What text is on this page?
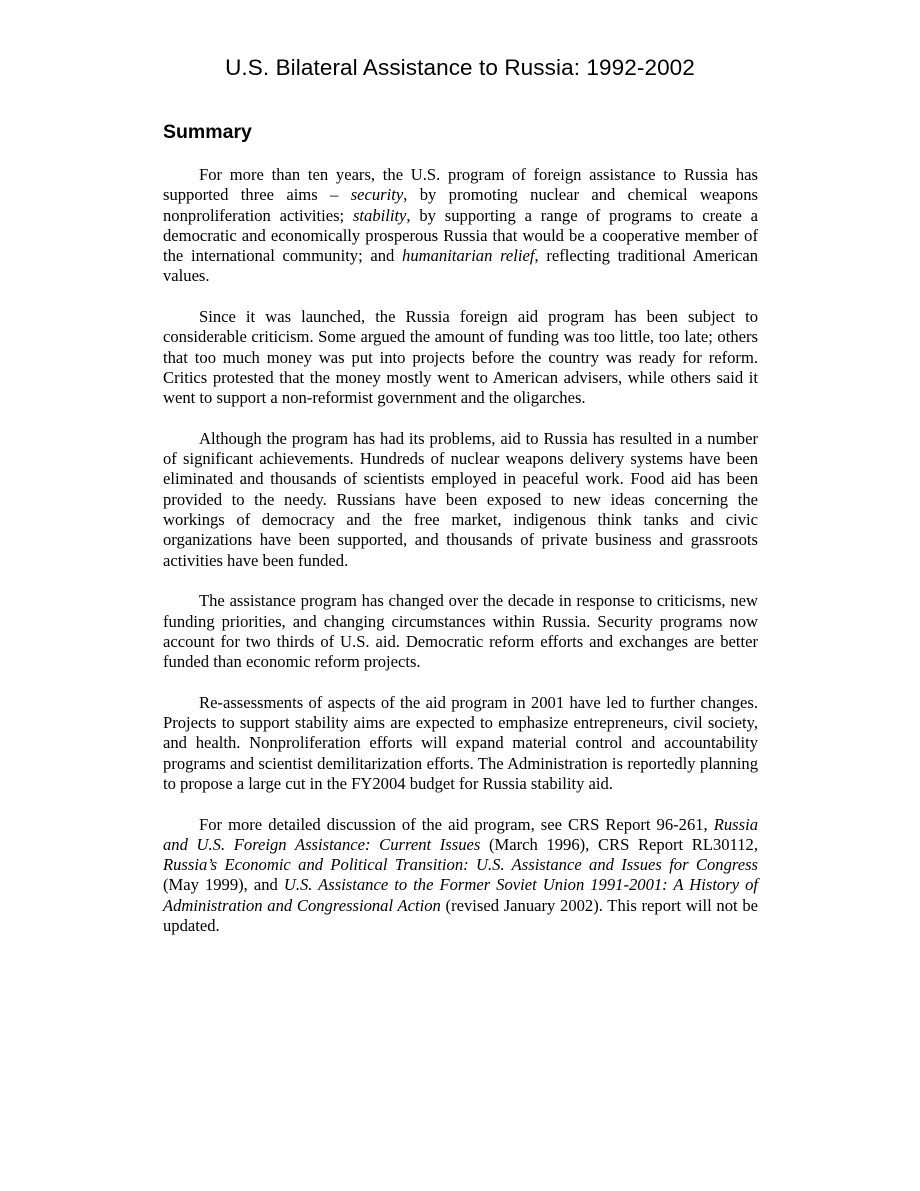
U.S. Bilateral Assistance to Russia: 1992-2002
Summary

For more than ten years, the U.S. program of foreign assistance to Russia has supported three aims – security, by promoting nuclear and chemical weapons nonproliferation activities; stability, by supporting a range of programs to create a democratic and economically prosperous Russia that would be a cooperative member of the international community; and humanitarian relief, reflecting traditional American values.

Since it was launched, the Russia foreign aid program has been subject to considerable criticism. Some argued the amount of funding was too little, too late; others that too much money was put into projects before the country was ready for reform. Critics protested that the money mostly went to American advisers, while others said it went to support a non-reformist government and the oligarches.

Although the program has had its problems, aid to Russia has resulted in a number of significant achievements. Hundreds of nuclear weapons delivery systems have been eliminated and thousands of scientists employed in peaceful work. Food aid has been provided to the needy. Russians have been exposed to new ideas concerning the workings of democracy and the free market, indigenous think tanks and civic organizations have been supported, and thousands of private business and grassroots activities have been funded.

The assistance program has changed over the decade in response to criticisms, new funding priorities, and changing circumstances within Russia. Security programs now account for two thirds of U.S. aid. Democratic reform efforts and exchanges are better funded than economic reform projects.

Re-assessments of aspects of the aid program in 2001 have led to further changes. Projects to support stability aims are expected to emphasize entrepreneurs, civil society, and health. Nonproliferation efforts will expand material control and accountability programs and scientist demilitarization efforts. The Administration is reportedly planning to propose a large cut in the FY2004 budget for Russia stability aid.

For more detailed discussion of the aid program, see CRS Report 96-261, Russia and U.S. Foreign Assistance: Current Issues (March 1996), CRS Report RL30112, Russia’s Economic and Political Transition: U.S. Assistance and Issues for Congress (May 1999), and U.S. Assistance to the Former Soviet Union 1991-2001: A History of Administration and Congressional Action (revised January 2002). This report will not be updated.
